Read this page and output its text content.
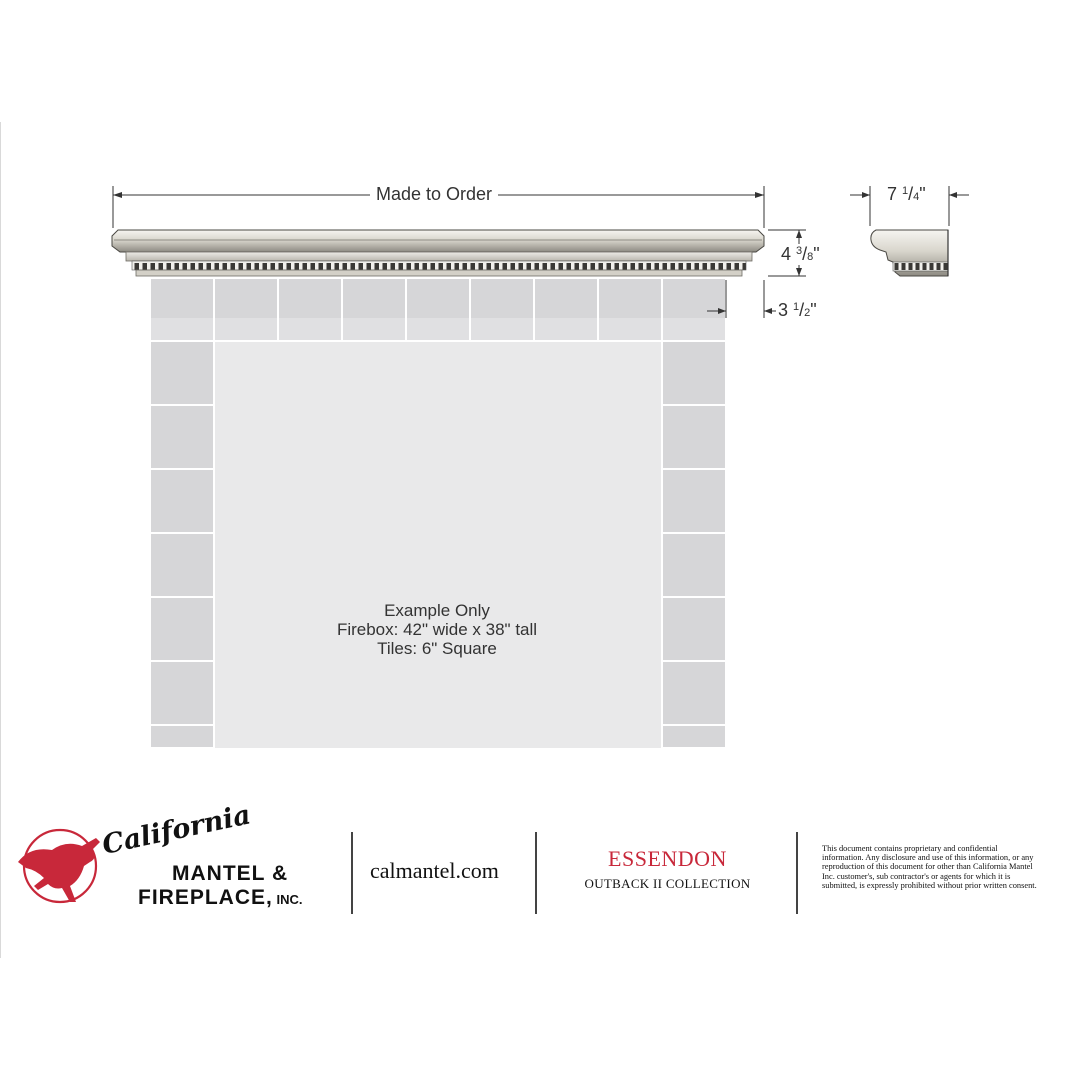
Made to Order
4 $^3$/8"
3 $^1$/2"
7 $^1$/4"
Example Only
Firebox: 42" wide x 38" tall
Tiles: 6" Square
California
MANTEL &
FIREPLACE, INC.
calmantel.com	ESSENDON
OUTBACK II COLLECTION
This document contains proprietary and confidential information. Any disclosure and use of this information, or any reproduction of this document for other than California Mantel Inc. customer's, sub contractor's or agents for which it is submitted, is expressly prohibited without prior written consent.
